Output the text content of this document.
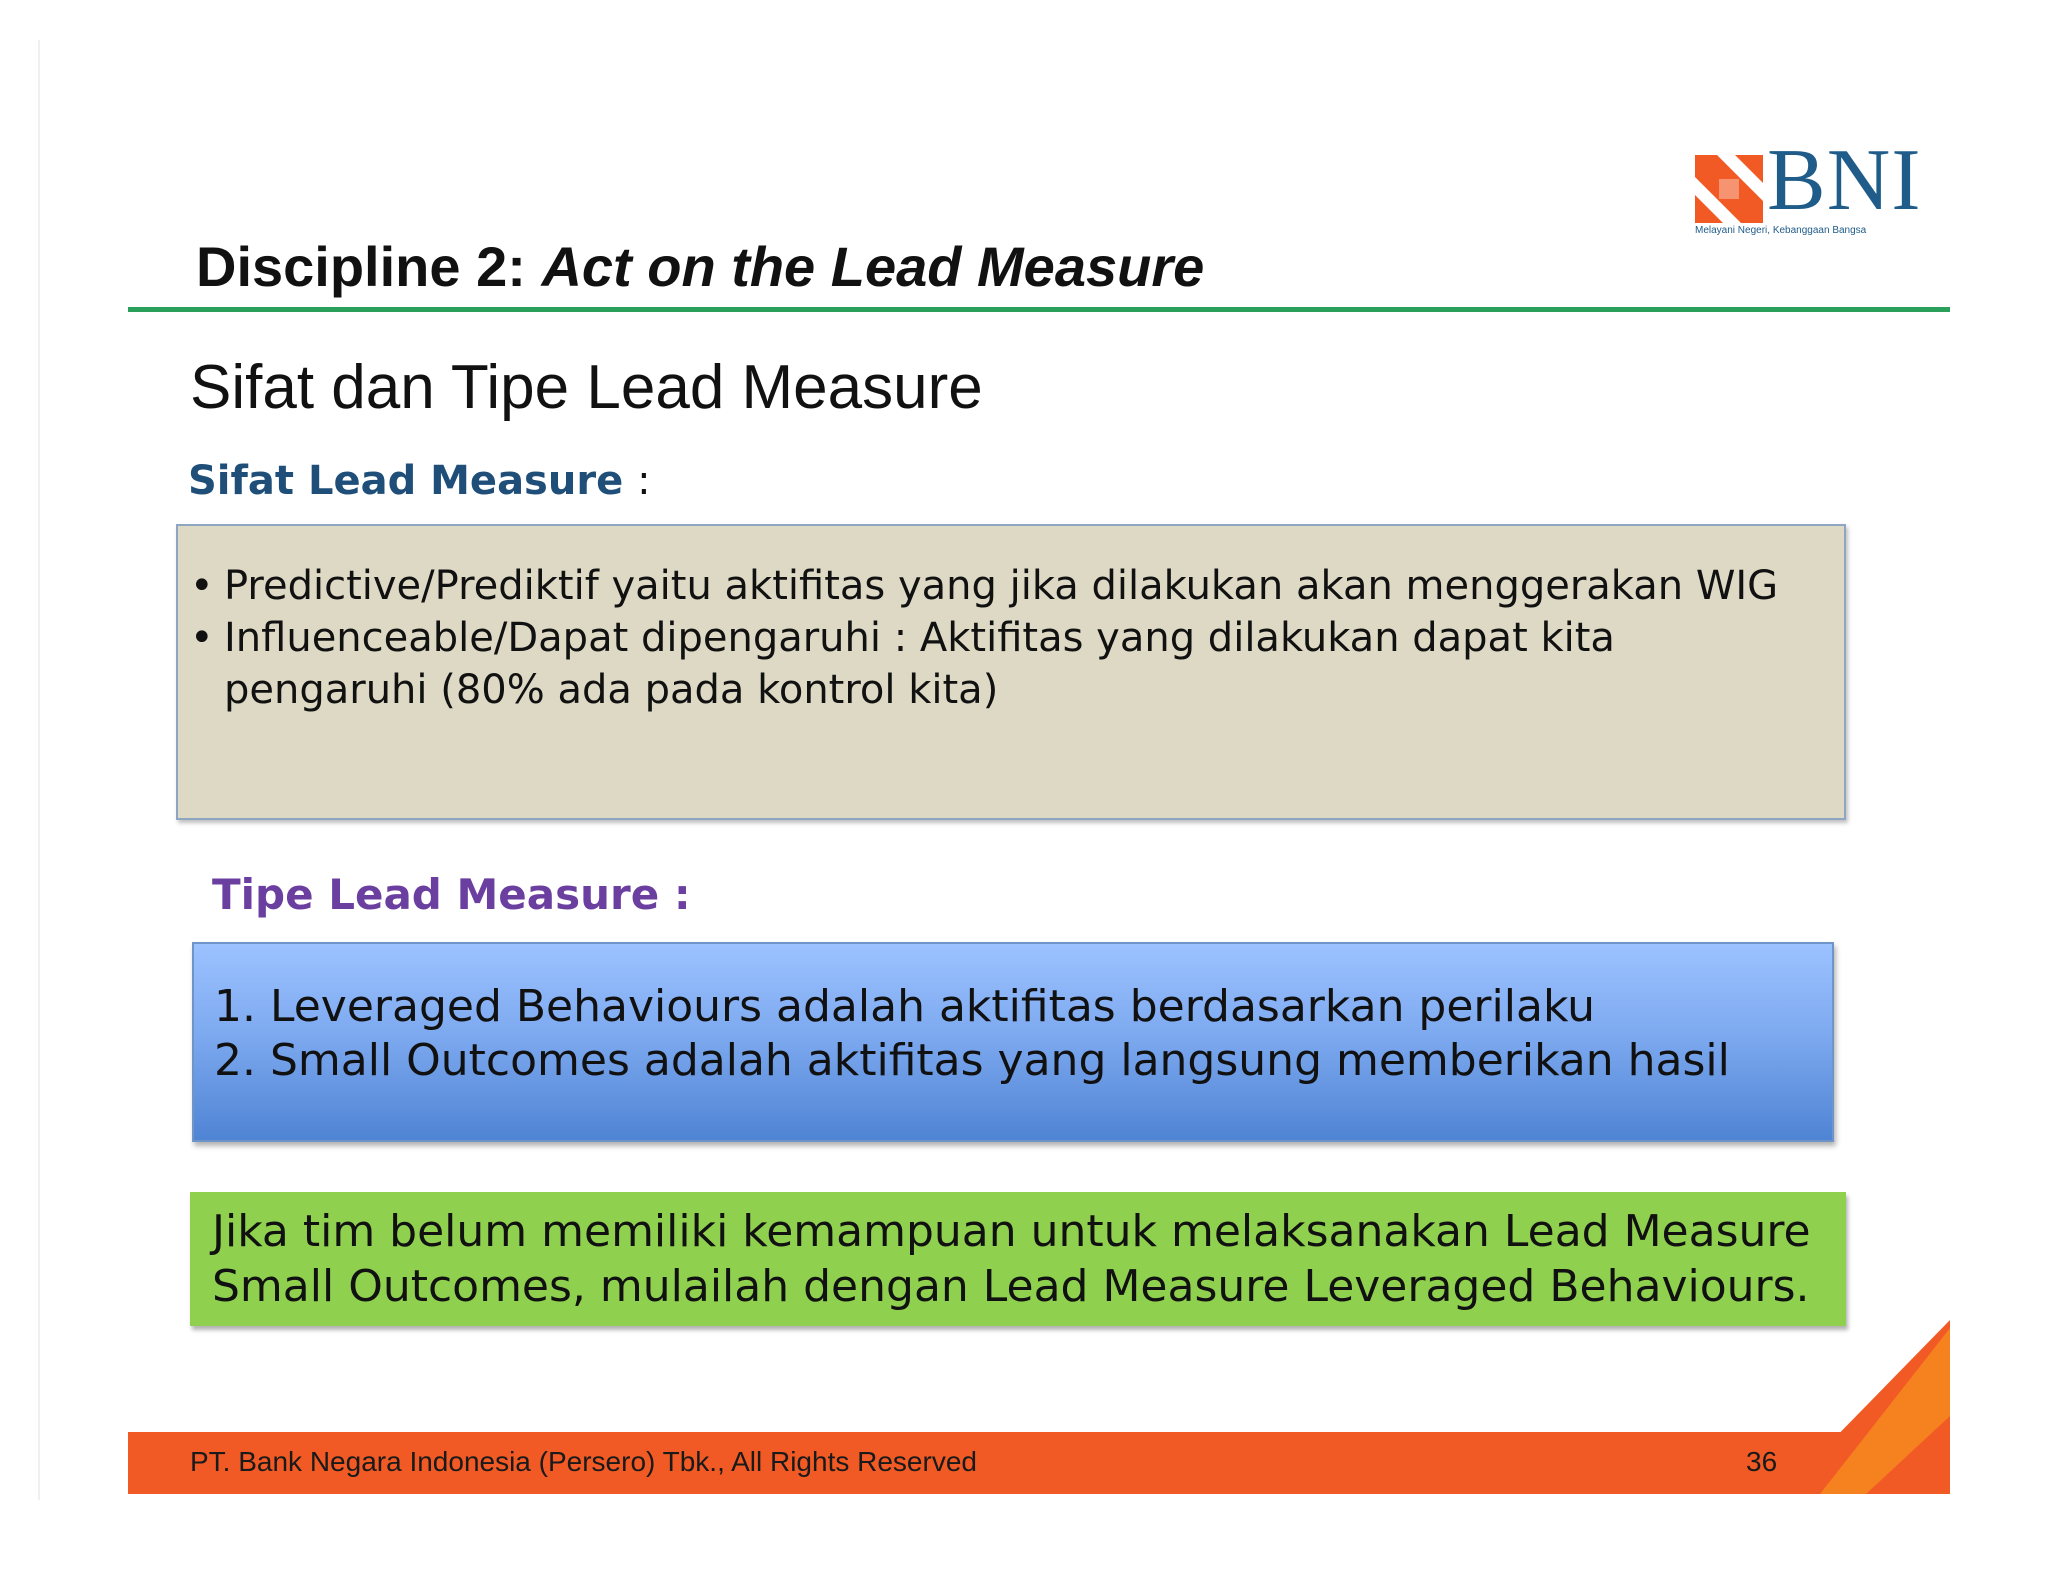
BNI
Melayani Negeri, Kebanggaan Bangsa
Discipline 2: Act on the Lead Measure
Sifat dan Tipe Lead Measure
Sifat Lead Measure :
• Predictive/Prediktif yaitu aktifitas yang jika dilakukan akan menggerakan WIG
• Influenceable/Dapat dipengaruhi : Aktifitas yang dilakukan dapat kita pengaruhi (80% ada pada kontrol kita)
Tipe Lead Measure :
1. Leveraged Behaviours adalah aktifitas berdasarkan perilaku
2. Small Outcomes adalah aktifitas yang langsung memberikan hasil
Jika tim belum memiliki kemampuan untuk melaksanakan Lead Measure Small Outcomes, mulailah dengan Lead Measure Leveraged Behaviours.
PT. Bank Negara Indonesia (Persero) Tbk., All Rights Reserved	36
